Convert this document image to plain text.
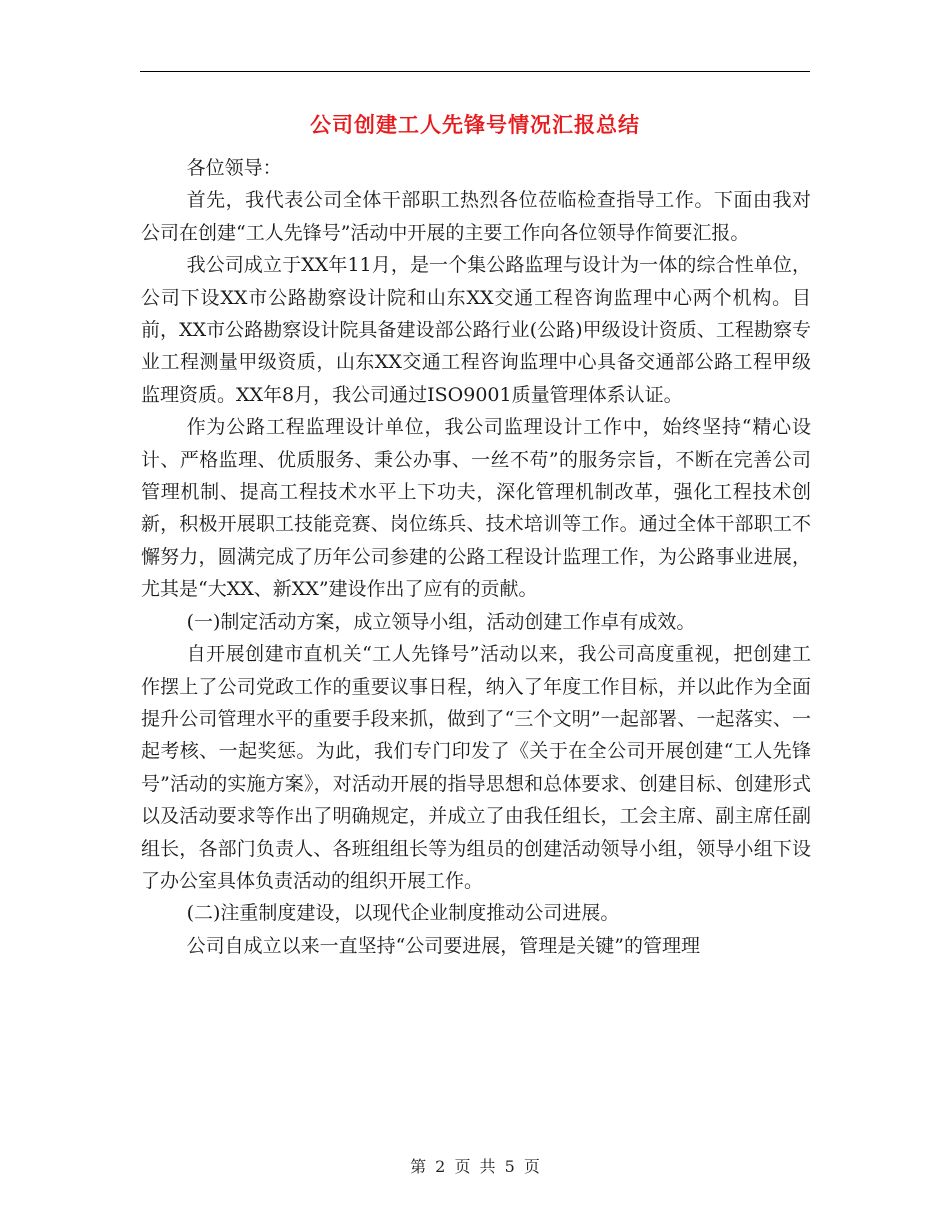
公司创建工人先锋号情况汇报总结

各位领导：

首先，我代表公司全体干部职工热烈各位莅临检查指导工作。下面由我对公司在创建“工人先锋号”活动中开展的主要工作向各位领导作简要汇报。

我公司成立于XX年11月，是一个集公路监理与设计为一体的综合性单位，公司下设XX市公路勘察设计院和山东XX交通工程咨询监理中心两个机构。目前，XX市公路勘察设计院具备建设部公路行业(公路)甲级设计资质、工程勘察专业工程测量甲级资质，山东XX交通工程咨询监理中心具备交通部公路工程甲级监理资质。XX年8月，我公司通过ISO9001质量管理体系认证。

作为公路工程监理设计单位，我公司监理设计工作中，始终坚持“精心设计、严格监理、优质服务、秉公办事、一丝不苟”的服务宗旨，不断在完善公司管理机制、提高工程技术水平上下功夫，深化管理机制改革，强化工程技术创新，积极开展职工技能竞赛、岗位练兵、技术培训等工作。通过全体干部职工不懈努力，圆满完成了历年公司参建的公路工程设计监理工作，为公路事业进展，尤其是“大XX、新XX”建设作出了应有的贡献。

(一)制定活动方案，成立领导小组，活动创建工作卓有成效。

自开展创建市直机关“工人先锋号”活动以来，我公司高度重视，把创建工作摆上了公司党政工作的重要议事日程，纳入了年度工作目标，并以此作为全面提升公司管理水平的重要手段来抓，做到了“三个文明”一起部署、一起落实、一起考核、一起奖惩。为此，我们专门印发了《关于在全公司开展创建“工人先锋号”活动的实施方案》，对活动开展的指导思想和总体要求、创建目标、创建形式以及活动要求等作出了明确规定，并成立了由我任组长，工会主席、副主席任副组长，各部门负责人、各班组组长等为组员的创建活动领导小组，领导小组下设了办公室具体负责活动的组织开展工作。

(二)注重制度建设，以现代企业制度推动公司进展。

公司自成立以来一直坚持“公司要进展，管理是关键”的管理理

第 2 页 共 5 页
